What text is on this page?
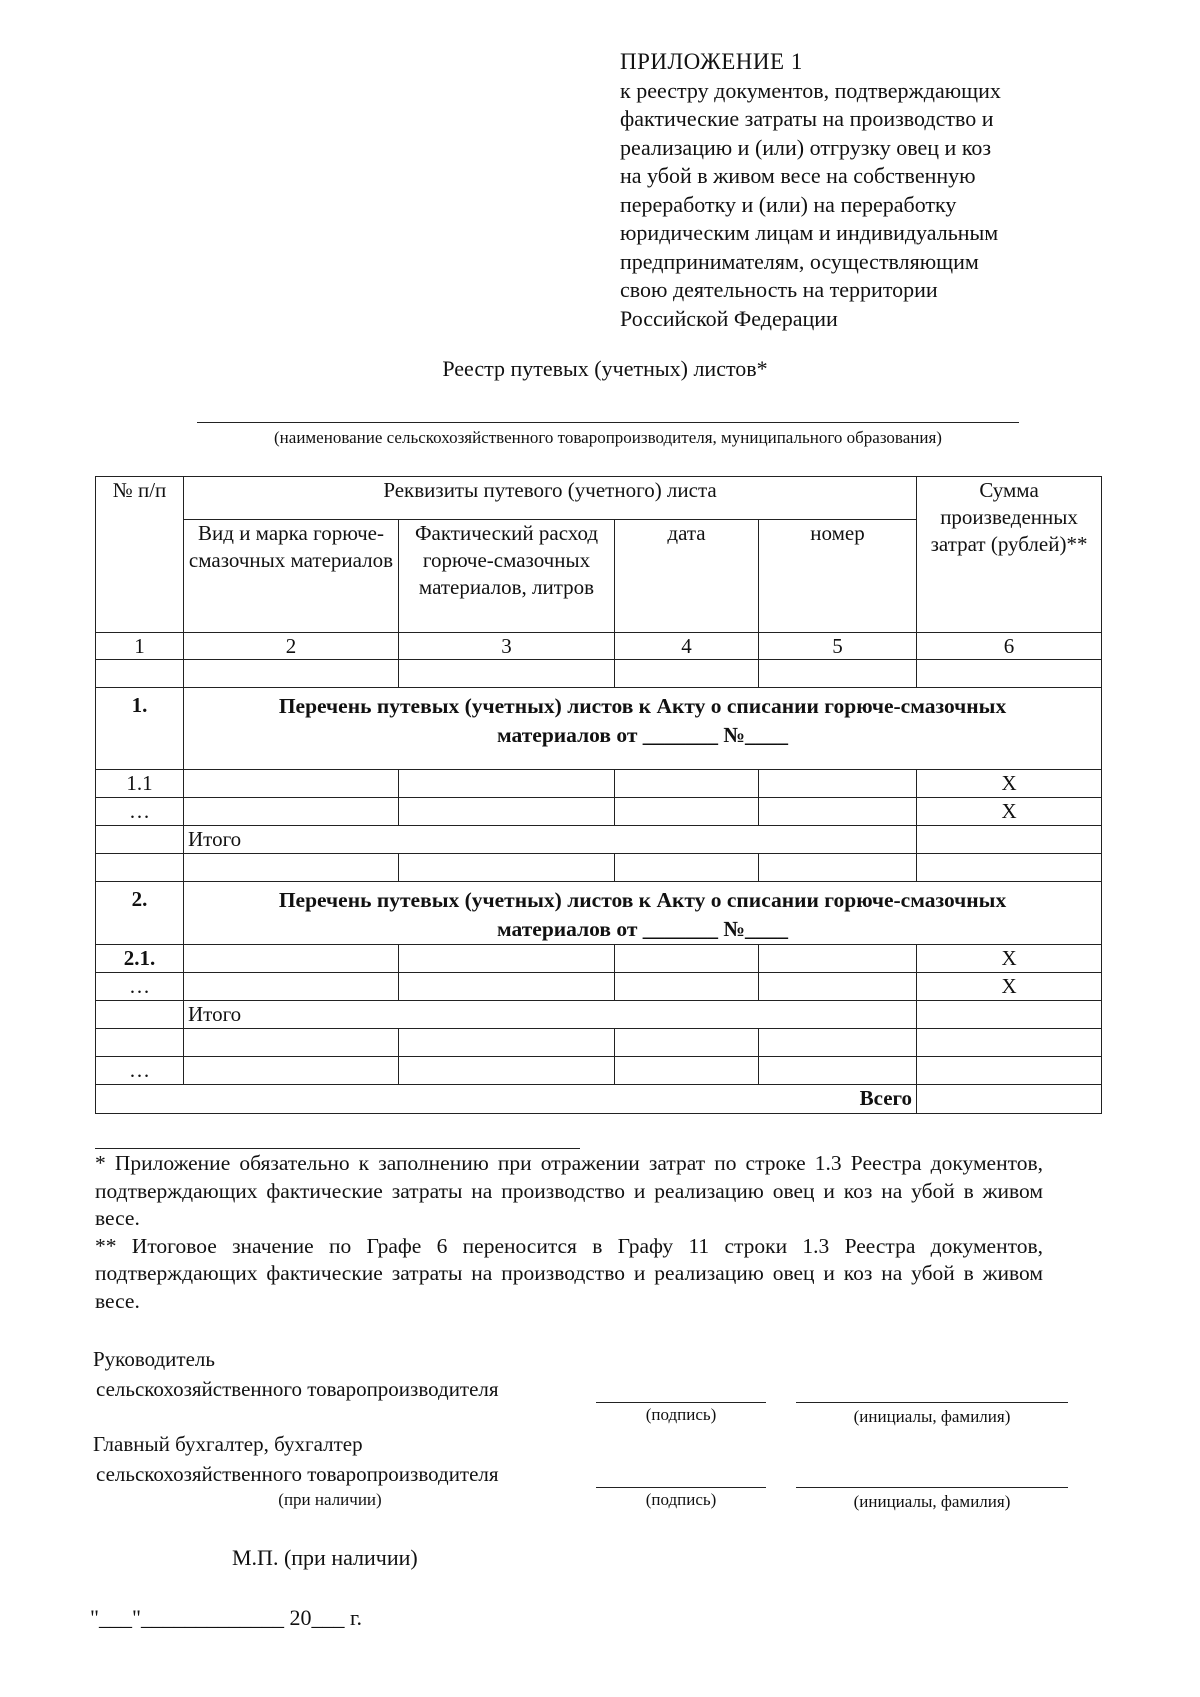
ПРИЛОЖЕНИЕ 1
к реестру документов, подтверждающих
фактические затраты на производство и
реализацию и (или) отгрузку овец и коз
на убой в живом весе на собственную
переработку и (или) на переработку
юридическим лицам и индивидуальным
предпринимателям, осуществляющим
свою деятельность на территории
Российской Федерации
Реестр путевых (учетных) листов*
(наименование сельскохозяйственного товаропроизводителя, муниципального образования)
№ п/п	Реквизиты путевого (учетного) листа				Сумма произведенных затрат (рублей)**
	Вид и марка горюче-смазочных материалов	Фактический расход горюче-смазочных материалов, литров	дата	номер	
1	2	3	4	5	6

1.	Перечень путевых (учетных) листов к Акту о списании горюче-смазочных
материалов от _______ №____				

1.1					X
…					X
	Итого				

2.	Перечень путевых (учетных) листов к Акту о списании горюче-смазочных
материалов от _______ №____				

2.1.					X
…					X
	Итого				

…					
Всего					

* Приложение обязательно к заполнению при отражении затрат по строке 1.3 Реестра документов, подтверждающих фактические затраты на производство и реализацию овец и коз на убой в живом весе.

** Итоговое значение по Графе 6 переносится в Графу 11 строки 1.3 Реестра документов, подтверждающих фактические затраты на производство и реализацию овец и коз на убой в живом весе.

Руководитель
сельскохозяйственного товаропроизводителя
(подпись)	(инициалы, фамилия)
Главный бухгалтер, бухгалтер
сельскохозяйственного товаропроизводителя
(при наличии)	(подпись)	(инициалы, фамилия)
М.П. (при наличии)
"___"_____________ 20___ г.
